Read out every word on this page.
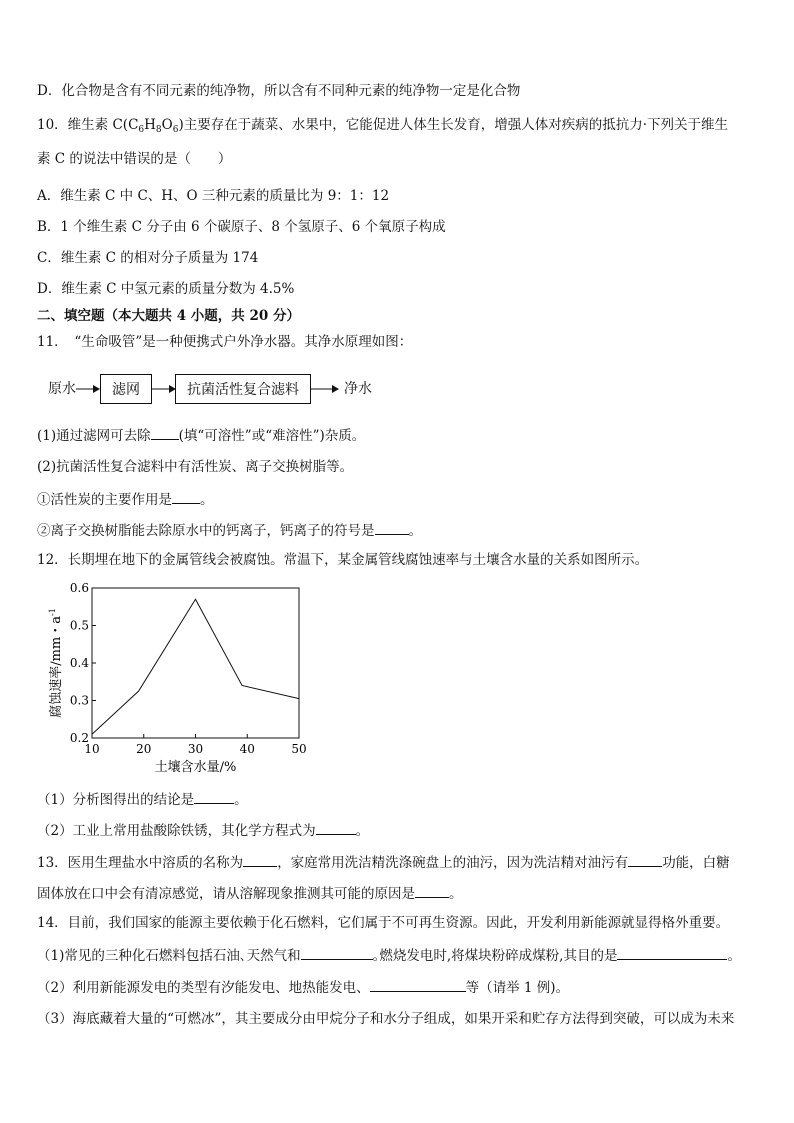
D．化合物是含有不同元素的纯净物，所以含有不同种元素的纯净物一定是化合物
10．维生素 $C(C_6H_8O_6)$主要存在于蔬菜、水果中，它能促进人体生长发育，增强人体对疾病的抵抗力·下列关于维生
素 C 的说法中错误的是（　　）
A．维生素 C 中 C、H、O 三种元素的质量比为 9：1：12
B．1 个维生素 C 分子由 6 个碳原子、8 个氢原子、6 个氧原子构成
C．维生素 C 的相对分子质量为 174
D．维生素 C 中氢元素的质量分数为 4.5%
二、填空题（本大题共 4 小题，共 20 分）
11．　“生命吸管”是一种便携式户外净水器。其净水原理如图：
原水	滤网	抗菌活性复合滤料	净水
(1)通过滤网可去除 (填“可溶性”或“难溶性”)杂质。
(2)抗菌活性复合滤料中有活性炭、离子交换树脂等。
①活性炭的主要作用是 。
②离子交换树脂能去除原水中的钙离子，钙离子的符号是	。
12．长期埋在地下的金属管线会被腐蚀。常温下，某金属管线腐蚀速率与土壤含水量的关系如图所示。
10	20	30	40	50
0.2
0.3
0.4
0.5
0.6
土壤含水量/%
腐蚀速率/mm・$a^{-1}$
（1）分析图得出的结论是	。
（2）工业上常用盐酸除铁锈，其化学方程式为	。
13．医用生理盐水中溶质的名称为	，家庭常用洗洁精洗涤碗盘上的油污，因为洗洁精对油污有	功能，白糖
固体放在口中会有清凉感觉，请从溶解现象推测其可能的原因是	。
14．目前，我们国家的能源主要依赖于化石燃料，它们属于不可再生资源。因此，开发利用新能源就显得格外重要。
（1)常见的三种化石燃料包括石油､天然气和	｡燃烧发电时,将煤块粉碎成煤粉,其目的是	。
（2）利用新能源发电的类型有汐能发电、地热能发电、	等（请举 1 例)。
（3）海底藏着大量的“可燃冰”，其主要成分由甲烷分子和水分子组成，如果开采和贮存方法得到突破，可以成为未来
